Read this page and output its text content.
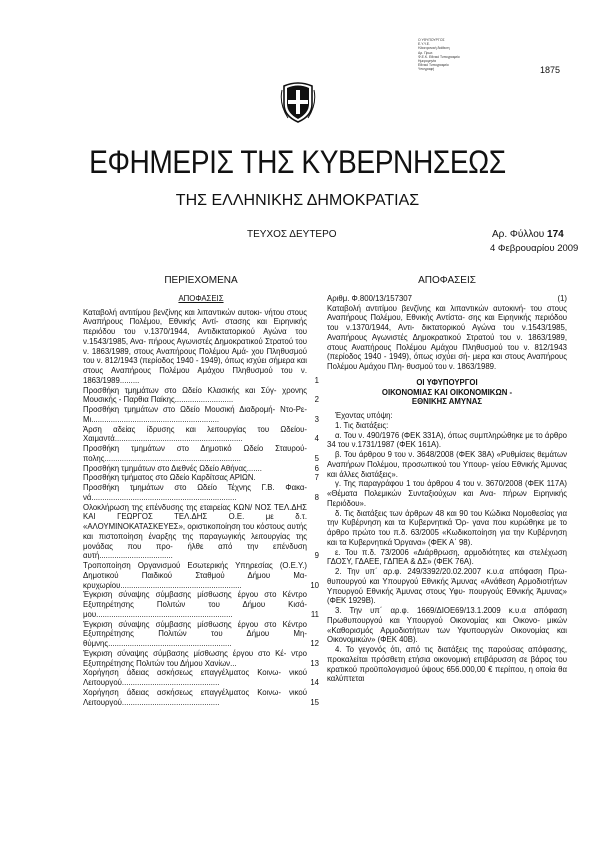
Ο ΥΦΥΠΟΥΡΓΟΣ
Ε.Υ.Υ.Ε.
Ηλεκτρονική διάθεση
Αρ. Πρωτ.
Φ.Ε.Κ. Εθνικό Τυπογραφείο
Ημερομηνία
Εθνικό Τυπογραφείο
Υπογραφή	1875
ΕΦΗΜΕΡΙΣ ΤΗΣ ΚΥΒΕΡΝΗΣΕΩΣ
ΤΗΣ ΕΛΛΗΝΙΚΗΣ ΔΗΜΟΚΡΑΤΙΑΣ
ΤΕΥΧΟΣ ΔΕΥΤΕΡΟ	Αρ. Φύλλου 174
4 Φεβρουαρίου 2009
ΠΕΡΙΕΧΟΜΕΝΑ
ΑΠΟΦΑΣΕΙΣ
Καταβολή αντιτίμου βενζίνης και λιπαντικών αυτοκι- νήτου στους Αναπήρους Πολέμου, Εθνικής Αντί- στασης και Ειρηνικής περιόδου του ν.1370/1944, Αντιδικτατορικού Αγώνα του ν.1543/1985, Ανα- πήρους Αγωνιστές Δημοκρατικού Στρατού του ν. 1863/1989, στους Αναπήρους Πολέμου Αμά- χου Πληθυσμού του ν. 812/1943 (περίοδος 1940 - 1949), όπως ισχύει σήμερα και στους Αναπήρους Πολέμου Αμάχου Πληθυσμού του ν. 1863/1989.........	1
Προσθήκη τμημάτων στο Ωδείο Κλασικής και Σύγ- χρονης Μουσικής - Παρθια Παίκης...........................	2
Προσθήκη τμημάτων στο Ωδείο Μουσική Διαδρομή- Ντο-Ρε-Μι...........................................................	3
Άρση αδείας ίδρυσης και λειτουργίας του Ωδείου- Χαιμαντά...........................................................	4
Προσθήκη τμημάτων στο Δημοτικό Ωδείο Σταυρού- πολης...............................................................	5
Προσθήκη τμημάτων στο Διεθνές Ωδείο Αθήνας.......	6
Προσθήκη τμήματος στο Ωδείο Καρδίτσας ΑΡΙΩΝ.	7
Προσθήκη τμημάτων στο Ωδείο Τέχνης Γ.Β. Φακα- νά...................................................................	8
Ολοκλήρωση της επένδυσης της εταιρείας ΚΩΝ/ ΝΟΣ ΤΕΛ.ΔΗΣ ΚΑΙ ΓΕΩΡΓΟΣ ΤΕΛ.ΔΗΣ Ο.Ε. με δ.τ. «ΑΛΟΥΜΙΝΟΚΑΤΑΣΚΕΥΕΣ», οριστικοποίηση του κόστους αυτής και πιστοποίηση έναρξης της παραγωγικής λειτουργίας της μονάδας που προ- ήλθε από την επένδυση αυτή..................................	9
Τροποποίηση Οργανισμού Εσωτερικής Υπηρεσίας (Ο.Ε.Υ.) Δημοτικού Παιδικού Σταθμού Δήμου Μα- κρυχωρίου........................................................	10
Έγκριση σύναψης σύμβασης μίσθωσης έργου στο Κέντρο Εξυπηρέτησης Πολιτών του Δήμου Κισά- μου...............................................................	11
Έγκριση σύναψης σύμβασης μίσθωσης έργου στο Κέντρο Εξυπηρέτησης Πολιτών του Δήμου Μη- θύμνης.........................................................	12
Έγκριση σύναψης σύμβασης μίσθωσης έργου στο Κέ- ντρο Εξυπηρέτησης Πολιτών του Δήμου Χανίων...	13
Χορήγηση άδειας ασκήσεως επαγγέλματος Κοινω- νικού Λειτουργού.............................................	14
Χορήγηση άδειας ασκήσεως επαγγέλματος Κοινω- νικού Λειτουργού.............................................	15
ΑΠΟΦΑΣΕΙΣ
Αριθμ. Φ.800/13/157307	(1)
Καταβολή αντιτίμου βενζίνης και λιπαντικών αυτοκινή- του στους Αναπήρους Πολέμου, Εθνικής Αντίστα- σης και Ειρηνικής περιόδου του ν.1370/1944, Αντι- δικτατορικού Αγώνα του ν.1543/1985, Αναπήρους Αγωνιστές Δημοκρατικού Στρατού του ν. 1863/1989, στους Αναπήρους Πολέμου Αμάχου Πληθυσμού του ν. 812/1943 (περίοδος 1940 - 1949), όπως ισχύει σή- μερα και στους Αναπήρους Πολέμου Αμάχου Πλη- θυσμού του ν. 1863/1989.
ΟΙ ΥΦΥΠΟΥΡΓΟΙ
ΟΙΚΟΝΟΜΙΑΣ ΚΑΙ ΟΙΚΟΝΟΜΙΚΩΝ -
ΕΘΝΙΚΗΣ ΑΜΥΝΑΣ
Έχοντας υπόψη:
1. Τις διατάξεις:
α. Του ν. 490/1976 (ΦΕΚ 331Α), όπως συμπληρώθηκε με το άρθρο 34 του ν.1731/1987 (ΦΕΚ 161Α).
β. Του άρθρου 9 του ν. 3648/2008 (ΦΕΚ 38Α) «Ρυθμίσεις θεμάτων Αναπήρων Πολέμου, προσωπικού του Υπουρ- γείου Εθνικής Άμυνας και άλλες διατάξεις».
γ. Της παραγράφου 1 του άρθρου 4 του ν. 3670/2008 (ΦΕΚ 117Α) «Θέματα Πολεμικών Συνταξιούχων και Ανα- πήρων Ειρηνικής Περιόδου».
δ. Τις διατάξεις των άρθρων 48 και 90 του Κώδικα Νομοθεσίας για την Κυβέρνηση και τα Κυβερνητικά Όρ- γανα που κυρώθηκε με το άρθρο πρώτο του π.δ. 63/2005 «Κωδικοποίηση για την Κυβέρνηση και τα Κυβερνητικά Όργανα» (ΦΕΚ Α΄ 98).
ε. Του π.δ. 73/2006 «Διάρθρωση, αρμοδιότητες και στελέχωση ΓΔΟΣΥ, ΓΔΑΕΕ, ΓΔΠΕΑ & ΔΣ» (ΦΕΚ 76Α).
2. Την υπ΄ αρ.φ. 249/3392/20.02.2007 κ.υ.α απόφαση Πρω- θυπουργού και Υπουργού Εθνικής Άμυνας «Ανάθεση Αρμοδιοτήτων Υπουργού Εθνικής Άμυνας στους Υφυ- πουργούς Εθνικής Άμυνας» (ΦΕΚ 1929Β).
3. Την υπ΄ αρ.φ. 1669/ΔΙΟΕ69/13.1.2009 κ.υ.α απόφαση Πρωθυπουργού και Υπουργού Οικονομίας και Οικονο- μικών «Καθορισμός Αρμοδιοτήτων των Υφυπουργών Οικονομίας και Οικονομικών» (ΦΕΚ 40Β).
4. Το γεγονός ότι, από τις διατάξεις της παρούσας απόφασης, προκαλείται πρόσθετη ετήσια οικονομική επιβάρυσση σε βάρος του κρατικού προϋπολογισμού ύψους 656.000,00 € περίπου, η οποία θα καλύπτεται
